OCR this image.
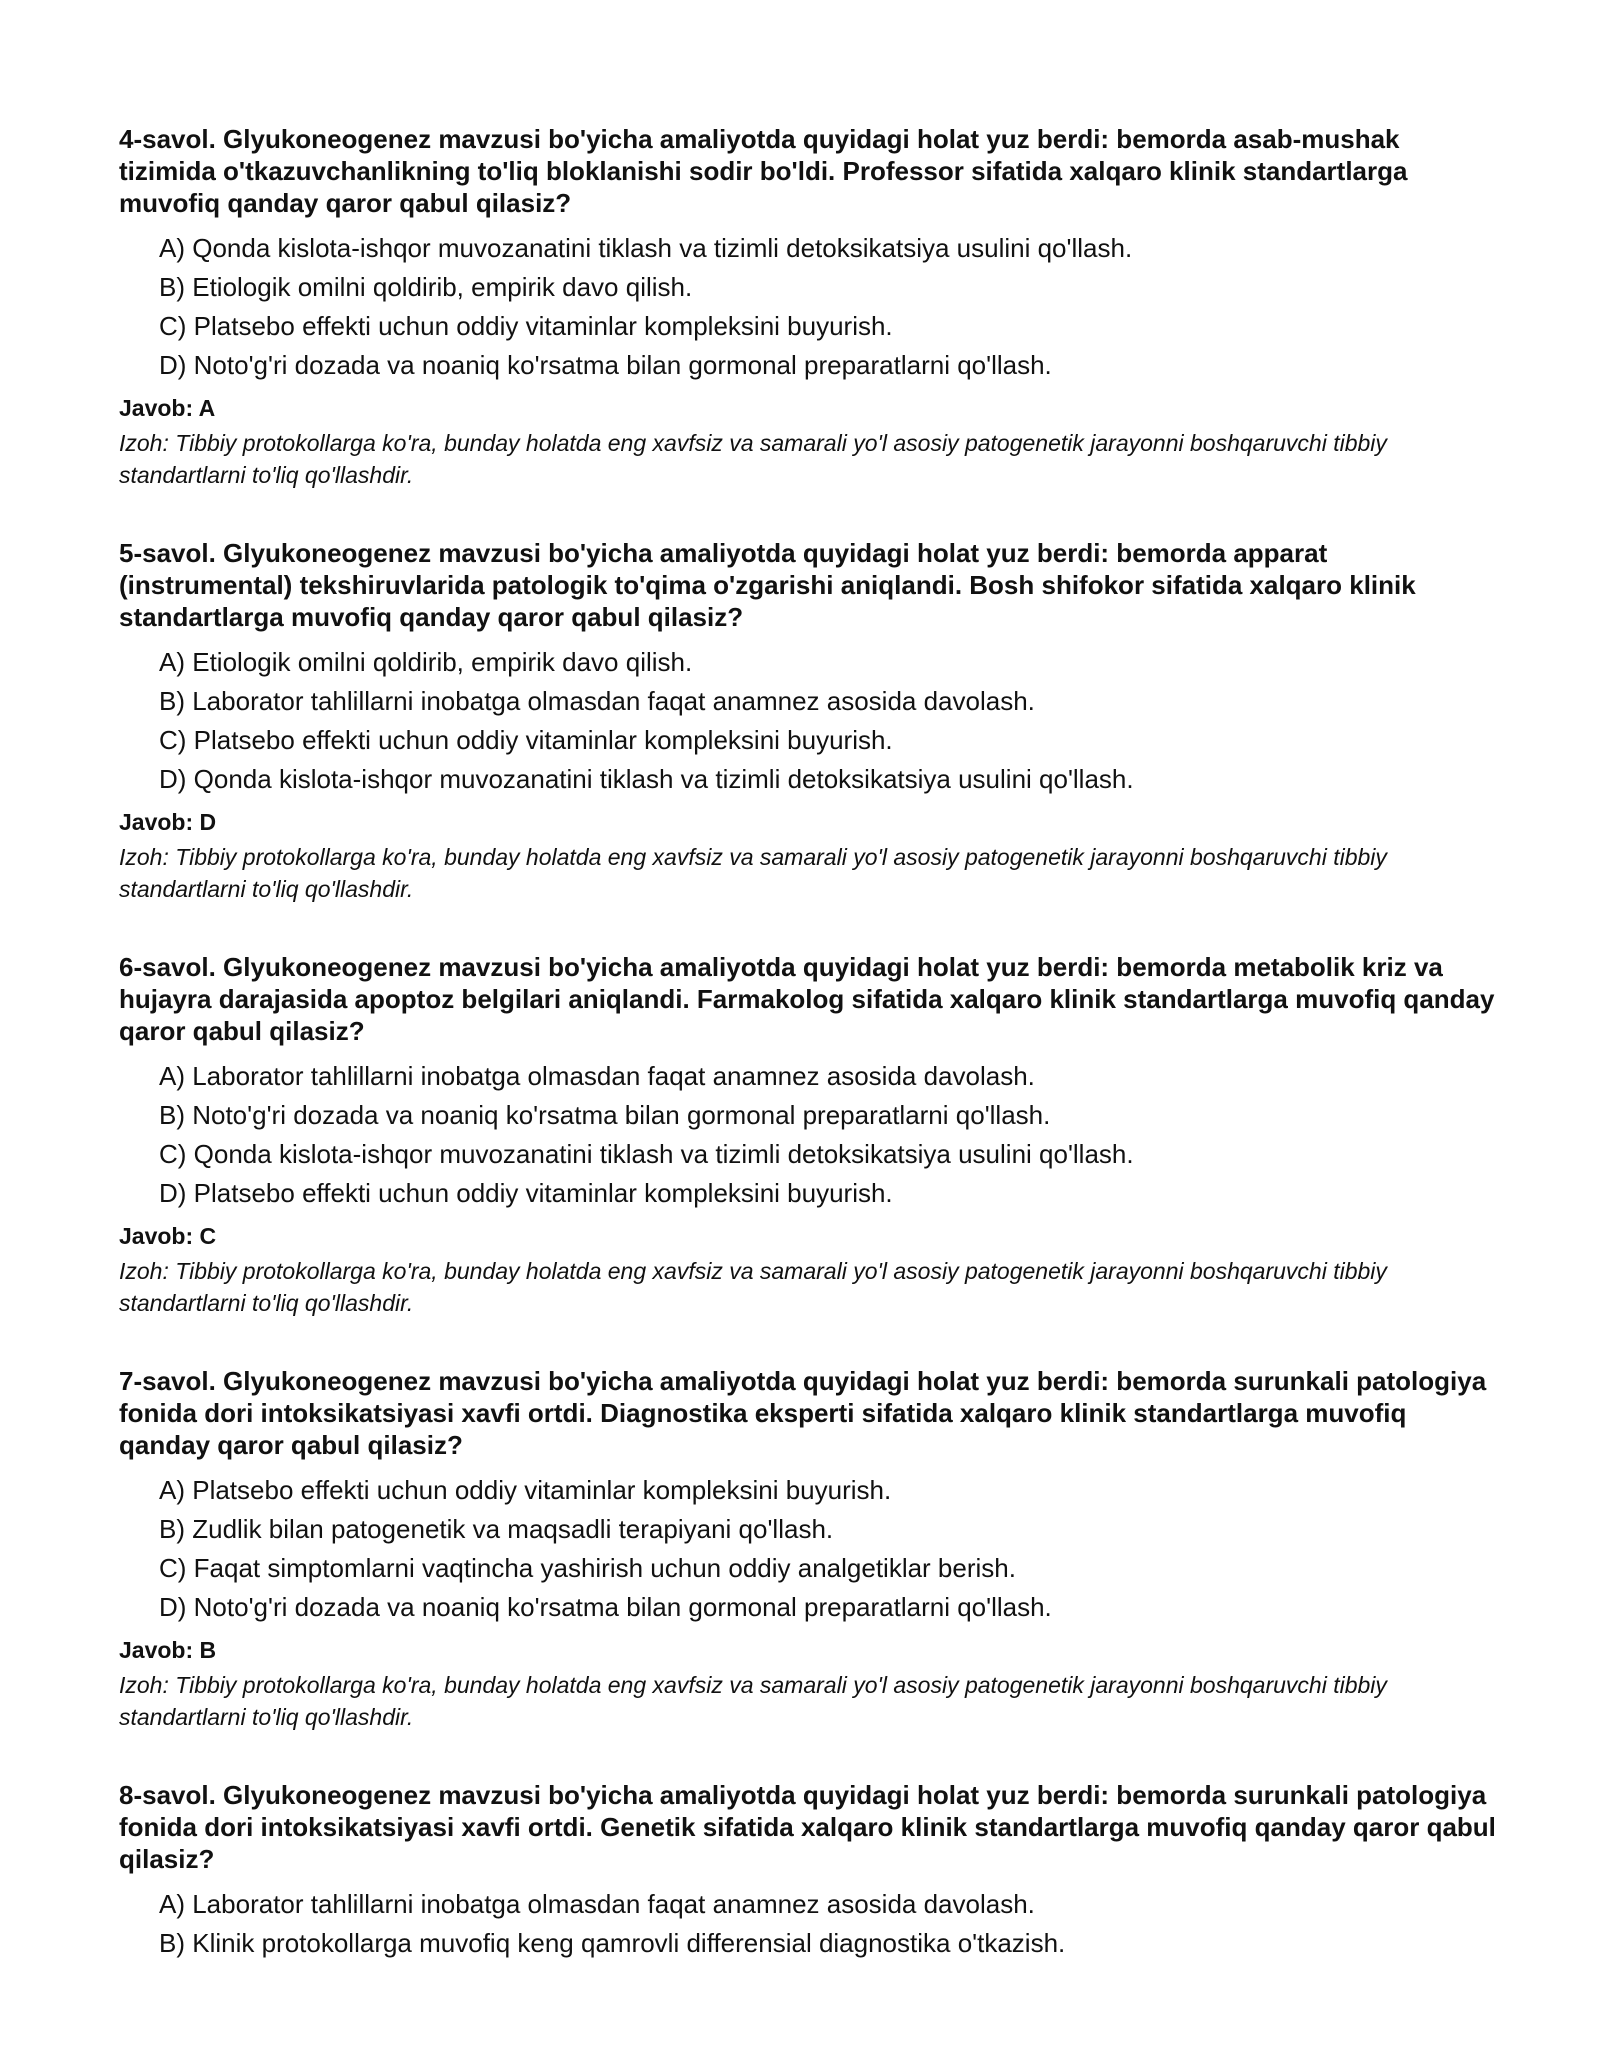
4-savol. Glyukoneogenez mavzusi bo'yicha amaliyotda quyidagi holat yuz berdi: bemorda asab-mushak tizimida o'tkazuvchanlikning to'liq bloklanishi sodir bo'ldi. Professor sifatida xalqaro klinik standartlarga muvofiq qanday qaror qabul qilasiz?
A) Qonda kislota-ishqor muvozanatini tiklash va tizimli detoksikatsiya usulini qo'llash.
B) Etiologik omilni qoldirib, empirik davo qilish.
C) Platsebo effekti uchun oddiy vitaminlar kompleksini buyurish.
D) Noto'g'ri dozada va noaniq ko'rsatma bilan gormonal preparatlarni qo'llash.
Javob: A
Izoh: Tibbiy protokollarga ko'ra, bunday holatda eng xavfsiz va samarali yo'l asosiy patogenetik jarayonni boshqaruvchi tibbiy standartlarni to'liq qo'llashdir.
5-savol. Glyukoneogenez mavzusi bo'yicha amaliyotda quyidagi holat yuz berdi: bemorda apparat (instrumental) tekshiruvlarida patologik to'qima o'zgarishi aniqlandi. Bosh shifokor sifatida xalqaro klinik standartlarga muvofiq qanday qaror qabul qilasiz?
A) Etiologik omilni qoldirib, empirik davo qilish.
B) Laborator tahlillarni inobatga olmasdan faqat anamnez asosida davolash.
C) Platsebo effekti uchun oddiy vitaminlar kompleksini buyurish.
D) Qonda kislota-ishqor muvozanatini tiklash va tizimli detoksikatsiya usulini qo'llash.
Javob: D
Izoh: Tibbiy protokollarga ko'ra, bunday holatda eng xavfsiz va samarali yo'l asosiy patogenetik jarayonni boshqaruvchi tibbiy standartlarni to'liq qo'llashdir.
6-savol. Glyukoneogenez mavzusi bo'yicha amaliyotda quyidagi holat yuz berdi: bemorda metabolik kriz va hujayra darajasida apoptoz belgilari aniqlandi. Farmakolog sifatida xalqaro klinik standartlarga muvofiq qanday qaror qabul qilasiz?
A) Laborator tahlillarni inobatga olmasdan faqat anamnez asosida davolash.
B) Noto'g'ri dozada va noaniq ko'rsatma bilan gormonal preparatlarni qo'llash.
C) Qonda kislota-ishqor muvozanatini tiklash va tizimli detoksikatsiya usulini qo'llash.
D) Platsebo effekti uchun oddiy vitaminlar kompleksini buyurish.
Javob: C
Izoh: Tibbiy protokollarga ko'ra, bunday holatda eng xavfsiz va samarali yo'l asosiy patogenetik jarayonni boshqaruvchi tibbiy standartlarni to'liq qo'llashdir.
7-savol. Glyukoneogenez mavzusi bo'yicha amaliyotda quyidagi holat yuz berdi: bemorda surunkali patologiya fonida dori intoksikatsiyasi xavfi ortdi. Diagnostika eksperti sifatida xalqaro klinik standartlarga muvofiq qanday qaror qabul qilasiz?
A) Platsebo effekti uchun oddiy vitaminlar kompleksini buyurish.
B) Zudlik bilan patogenetik va maqsadli terapiyani qo'llash.
C) Faqat simptomlarni vaqtincha yashirish uchun oddiy analgetiklar berish.
D) Noto'g'ri dozada va noaniq ko'rsatma bilan gormonal preparatlarni qo'llash.
Javob: B
Izoh: Tibbiy protokollarga ko'ra, bunday holatda eng xavfsiz va samarali yo'l asosiy patogenetik jarayonni boshqaruvchi tibbiy standartlarni to'liq qo'llashdir.
8-savol. Glyukoneogenez mavzusi bo'yicha amaliyotda quyidagi holat yuz berdi: bemorda surunkali patologiya fonida dori intoksikatsiyasi xavfi ortdi. Genetik sifatida xalqaro klinik standartlarga muvofiq qanday qaror qabul qilasiz?
A) Laborator tahlillarni inobatga olmasdan faqat anamnez asosida davolash.
B) Klinik protokollarga muvofiq keng qamrovli differensial diagnostika o'tkazish.
